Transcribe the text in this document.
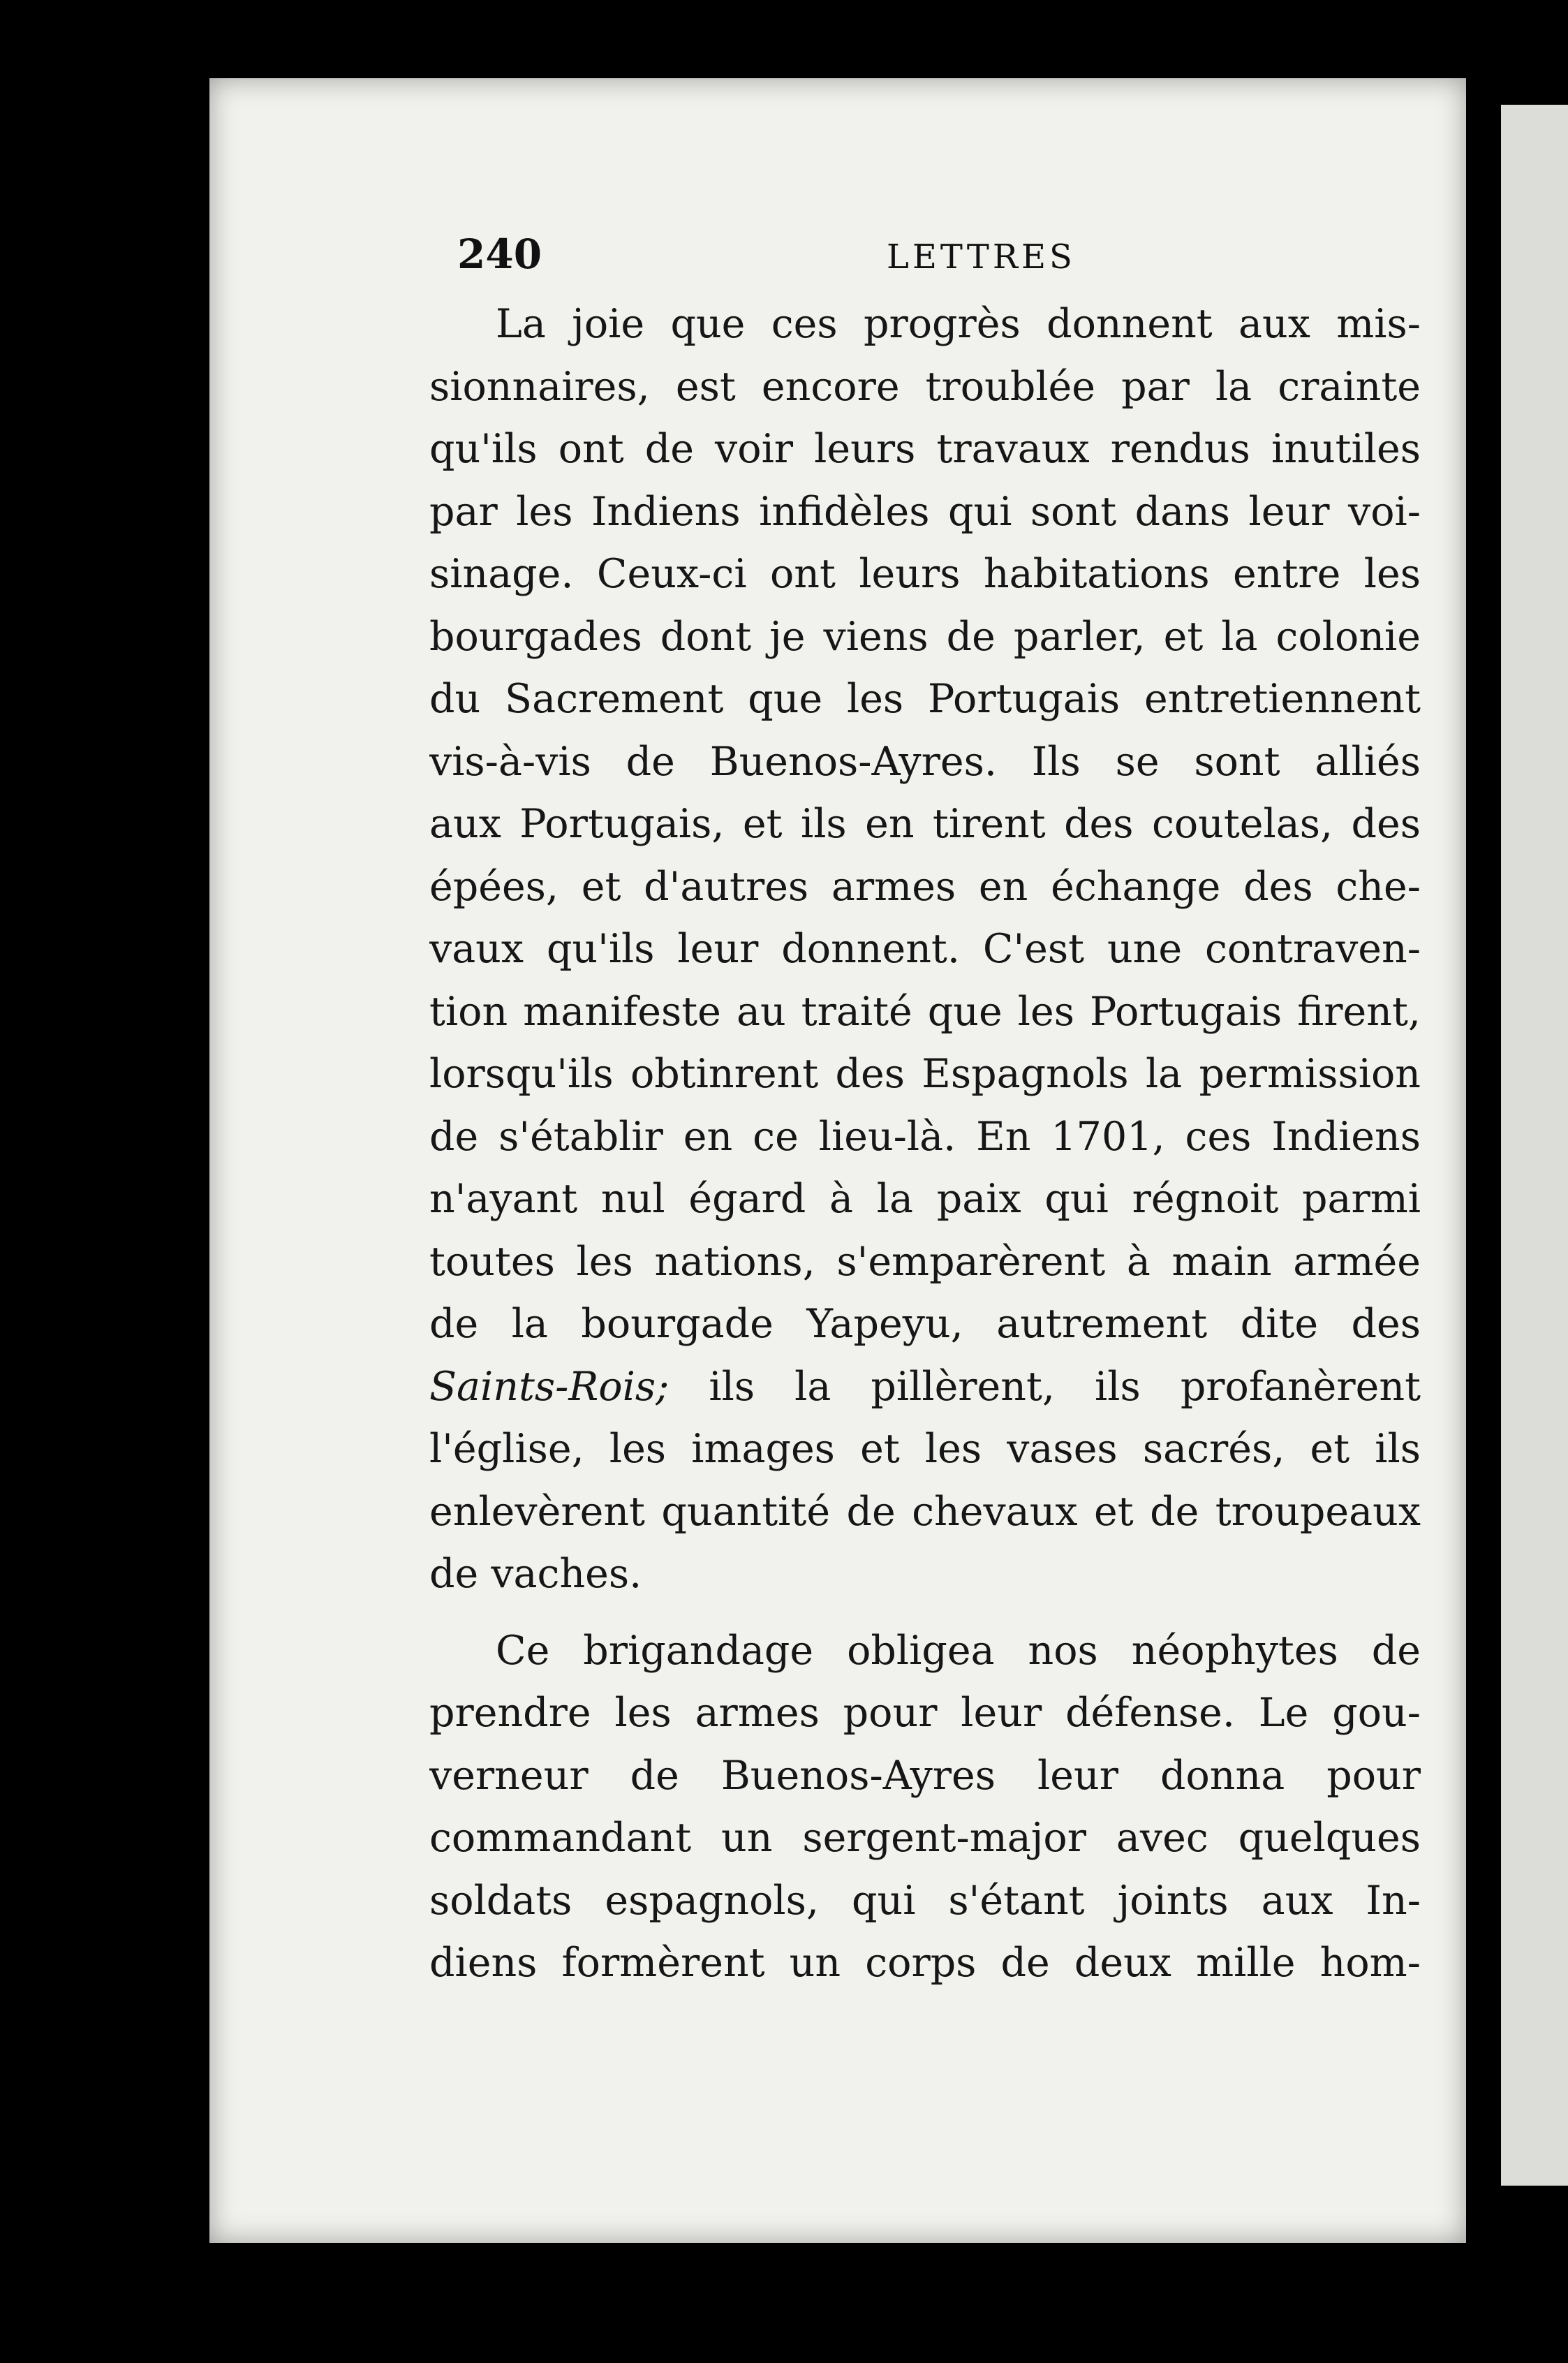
240	LETTRES
La joie que ces progrès donnent aux mis-
sionnaires, est encore troublée par la crainte
qu'ils ont de voir leurs travaux rendus inutiles
par les Indiens infidèles qui sont dans leur voi-
sinage. Ceux-ci ont leurs habitations entre les
bourgades dont je viens de parler, et la colonie
du Sacrement que les Portugais entretiennent
vis-à-vis de Buenos-Ayres. Ils se sont alliés
aux Portugais, et ils en tirent des coutelas, des
épées, et d'autres armes en échange des che-
vaux qu'ils leur donnent. C'est une contraven-
tion manifeste au traité que les Portugais firent,
lorsqu'ils obtinrent des Espagnols la permission
de s'établir en ce lieu-là. En 1701, ces Indiens
n'ayant nul égard à la paix qui régnoit parmi
toutes les nations, s'emparèrent à main armée
de la bourgade Yapeyu, autrement dite des
Saints-Rois; ils la pillèrent, ils profanèrent
l'église, les images et les vases sacrés, et ils
enlevèrent quantité de chevaux et de troupeaux
de vaches.
Ce brigandage obligea nos néophytes de
prendre les armes pour leur défense. Le gou-
verneur de Buenos-Ayres leur donna pour
commandant un sergent-major avec quelques
soldats espagnols, qui s'étant joints aux In-
diens formèrent un corps de deux mille hom-
